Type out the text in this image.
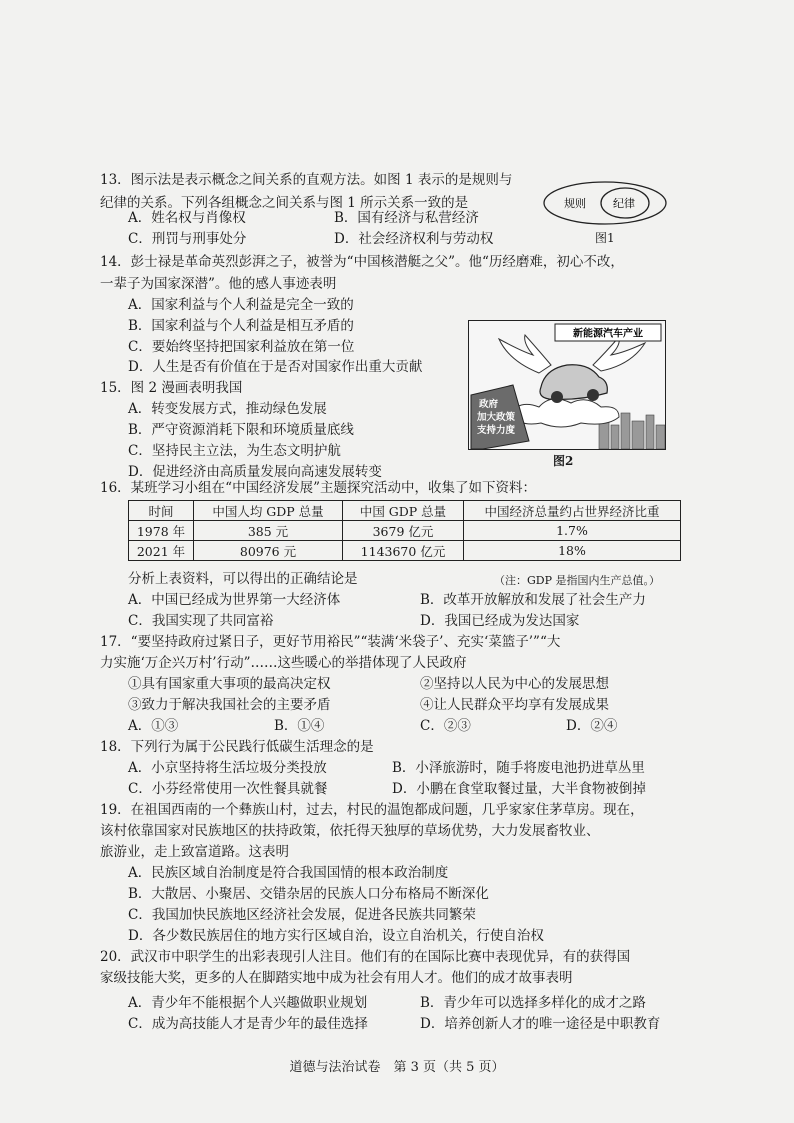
13．图示法是表示概念之间关系的直观方法。如图 1 表示的是规则与
纪律的关系。下列各组概念之间关系与图 1 所示关系一致的是
A．姓名权与肖像权	B．国有经济与私营经济
C．刑罚与刑事处分	D．社会经济权利与劳动权
规则 纪律
图1
14．彭士禄是革命英烈彭湃之子，被誉为“中国核潜艇之父”。他“历经磨难，初心不改，
一辈子为国家深潜”。他的感人事迹表明
A．国家利益与个人利益是完全一致的
B．国家利益与个人利益是相互矛盾的
C．要始终坚持把国家利益放在第一位
D．人生是否有价值在于是否对国家作出重大贡献
新能源汽车产业
政府
加大政策
支持力度
图2
15．图 2 漫画表明我国
A．转变发展方式，推动绿色发展
B．严守资源消耗下限和环境质量底线
C．坚持民主立法，为生态文明护航
D．促进经济由高质量发展向高速发展转变
16．某班学习小组在“中国经济发展”主题探究活动中，收集了如下资料：
时间	中国人均 GDP 总量	中国 GDP 总量	中国经济总量约占世界经济比重
1978 年	385 元	3679 亿元	1.7%
2021 年	80976 元	1143670 亿元	18%
分析上表资料，可以得出的正确结论是	（注：GDP 是指国内生产总值。）
A．中国已经成为世界第一大经济体	B．改革开放解放和发展了社会生产力
C．我国实现了共同富裕	D．我国已经成为发达国家
17．“要坚持政府过紧日子，更好节用裕民”“装满‘米袋子’、充实‘菜篮子’”“大
力实施‘万企兴万村’行动”……这些暖心的举措体现了人民政府
①具有国家重大事项的最高决定权	②坚持以人民为中心的发展思想
③致力于解决我国社会的主要矛盾	④让人民群众平均享有发展成果
A．①③	B．①④	C．②③	D．②④
18．下列行为属于公民践行低碳生活理念的是
A．小京坚持将生活垃圾分类投放	B．小泽旅游时，随手将废电池扔进草丛里
C．小芬经常使用一次性餐具就餐	D．小鹏在食堂取餐过量，大半食物被倒掉
19．在祖国西南的一个彝族山村，过去，村民的温饱都成问题，几乎家家住茅草房。现在，
该村依靠国家对民族地区的扶持政策，依托得天独厚的草场优势，大力发展畜牧业、
旅游业，走上致富道路。这表明
A．民族区域自治制度是符合我国国情的根本政治制度
B．大散居、小聚居、交错杂居的民族人口分布格局不断深化
C．我国加快民族地区经济社会发展，促进各民族共同繁荣
D．各少数民族居住的地方实行区域自治，设立自治机关，行使自治权
20．武汉市中职学生的出彩表现引人注目。他们有的在国际比赛中表现优异，有的获得国
家级技能大奖，更多的人在脚踏实地中成为社会有用人才。他们的成才故事表明
A．青少年不能根据个人兴趣做职业规划	B．青少年可以选择多样化的成才之路
C．成为高技能人才是青少年的最佳选择	D．培养创新人才的唯一途径是中职教育
道德与法治试卷　第 3 页（共 5 页）
